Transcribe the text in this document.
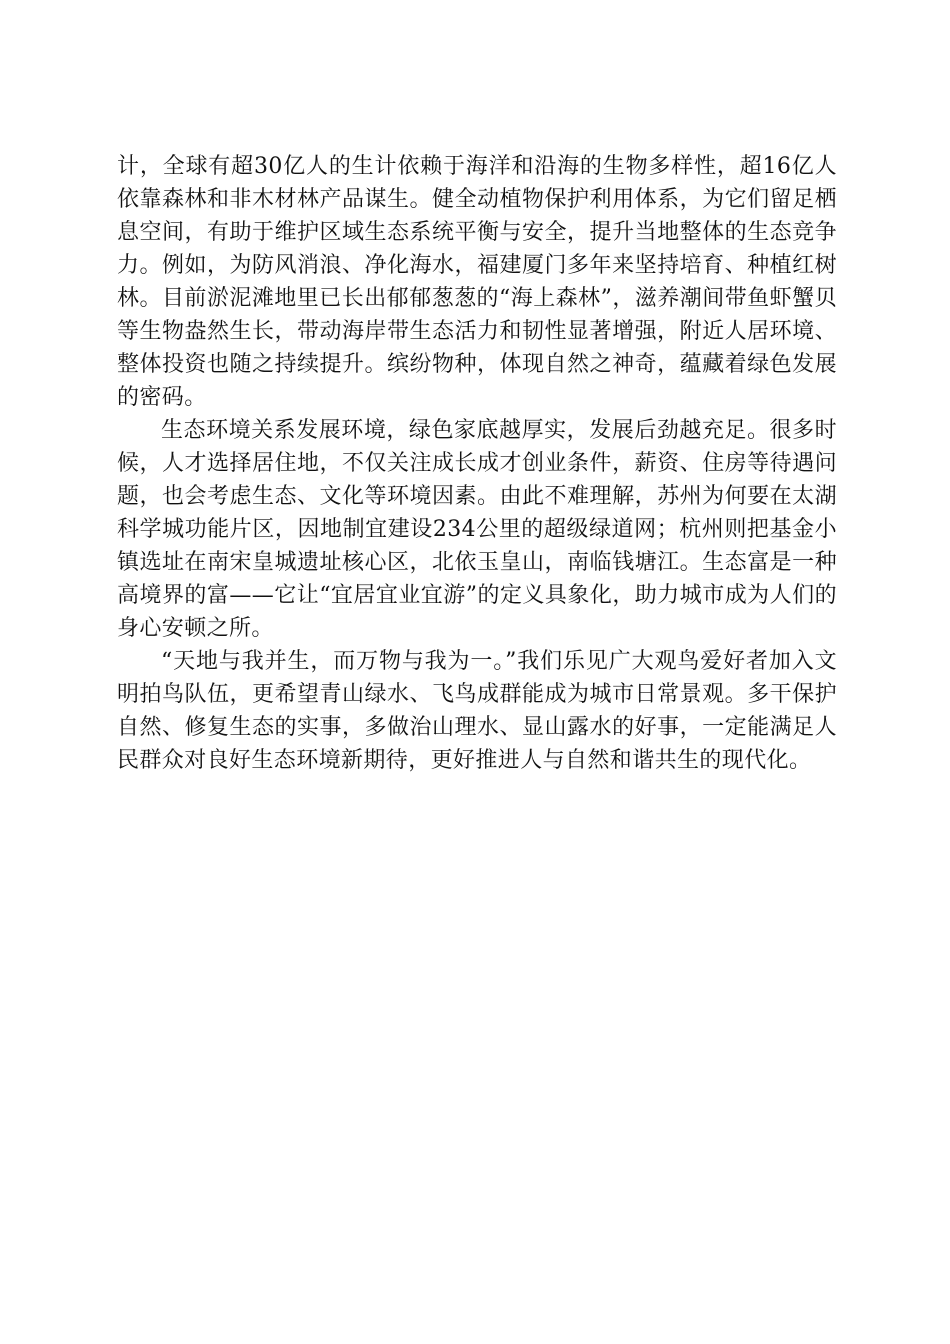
计，全球有超30亿人的生计依赖于海洋和沿海的生物多样性，超16亿人依靠森林和非木材林产品谋生。健全动植物保护利用体系，为它们留足栖息空间，有助于维护区域生态系统平衡与安全，提升当地整体的生态竞争力。例如，为防风消浪、净化海水，福建厦门多年来坚持培育、种植红树林。目前淤泥滩地里已长出郁郁葱葱的“海上森林”，滋养潮间带鱼虾蟹贝等生物盎然生长，带动海岸带生态活力和韧性显著增强，附近人居环境、整体投资也随之持续提升。缤纷物种，体现自然之神奇，蕴藏着绿色发展的密码。

生态环境关系发展环境，绿色家底越厚实，发展后劲越充足。很多时候，人才选择居住地，不仅关注成长成才创业条件，薪资、住房等待遇问题，也会考虑生态、文化等环境因素。由此不难理解，苏州为何要在太湖科学城功能片区，因地制宜建设234公里的超级绿道网；杭州则把基金小镇选址在南宋皇城遗址核心区，北依玉皇山，南临钱塘江。生态富是一种高境界的富——它让“宜居宜业宜游”的定义具象化，助力城市成为人们的身心安顿之所。

“天地与我并生，而万物与我为一。”我们乐见广大观鸟爱好者加入文明拍鸟队伍，更希望青山绿水、飞鸟成群能成为城市日常景观。多干保护自然、修复生态的实事，多做治山理水、显山露水的好事，一定能满足人民群众对良好生态环境新期待，更好推进人与自然和谐共生的现代化。
